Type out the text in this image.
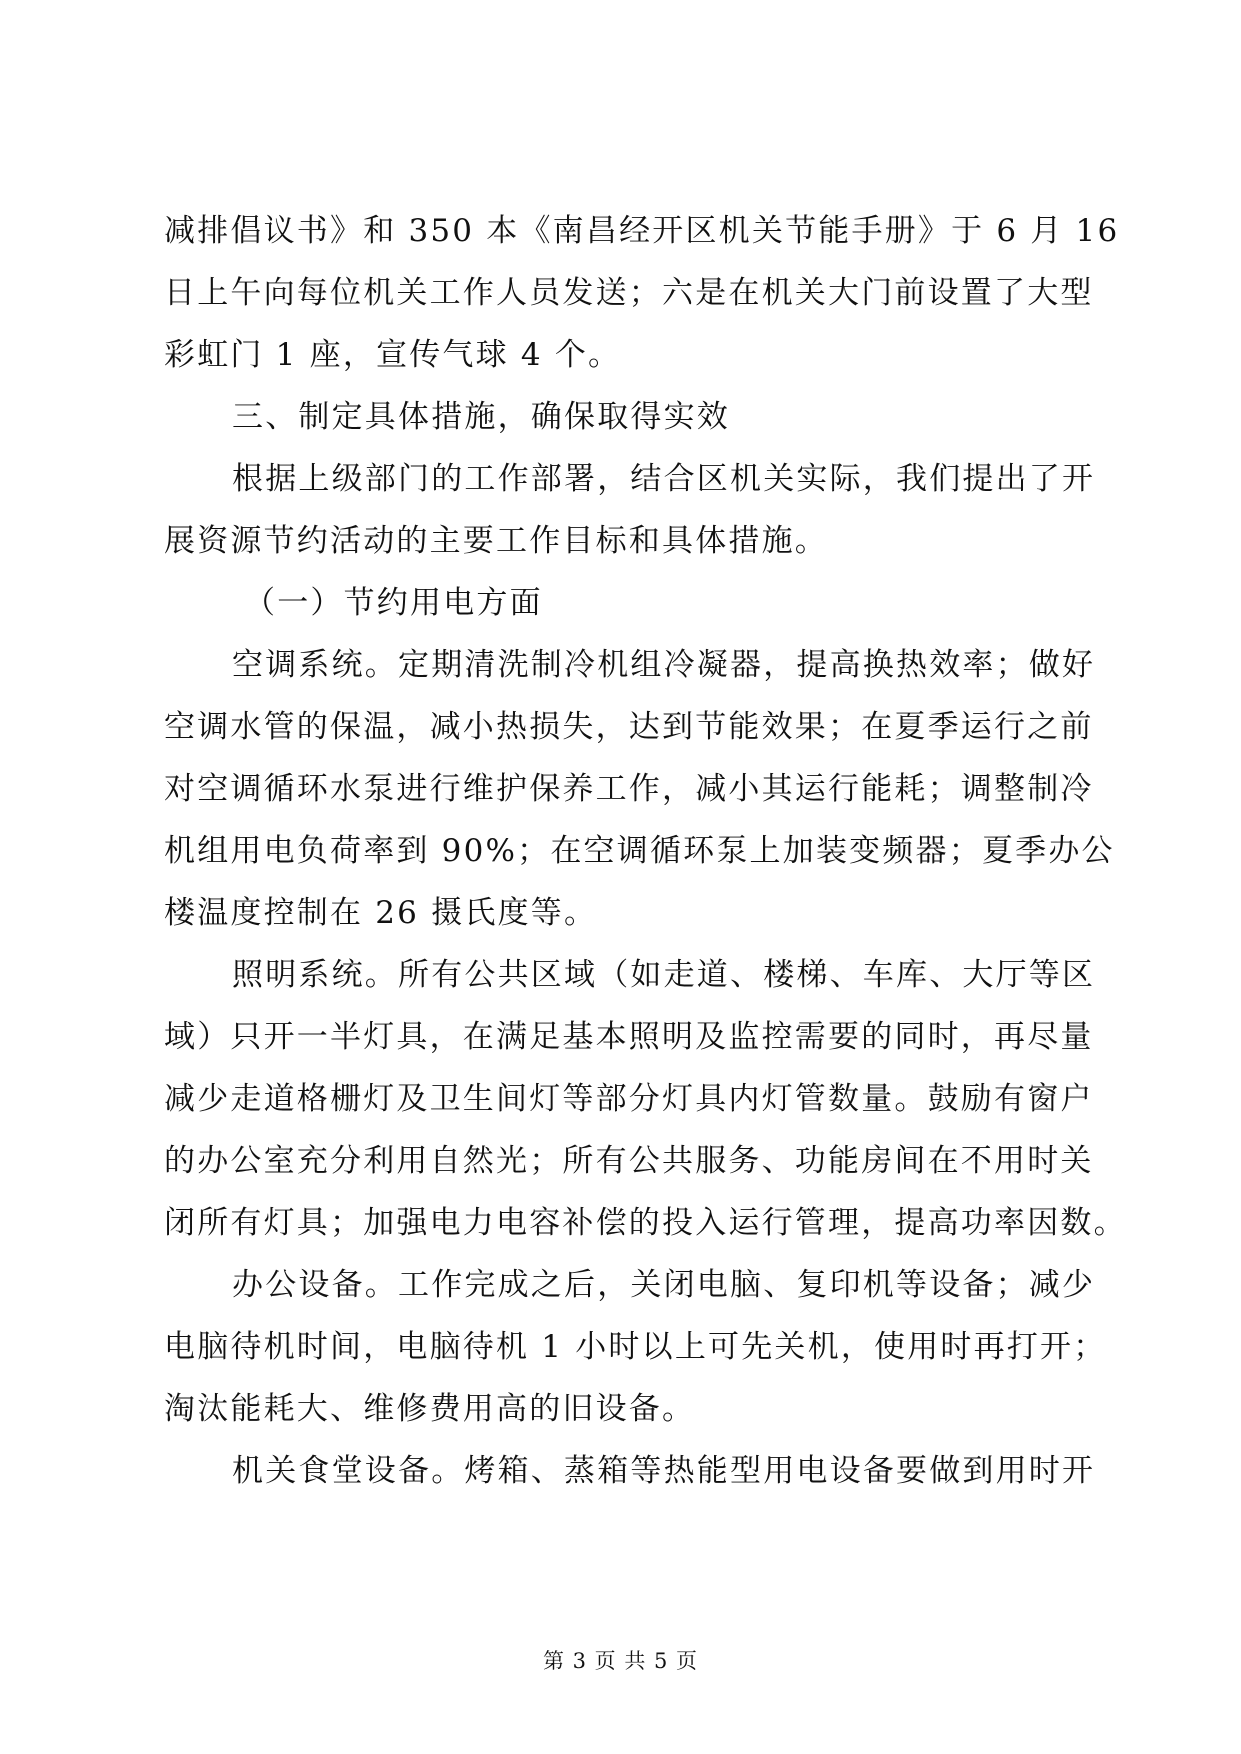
减排倡议书》和 350 本《南昌经开区机关节能手册》于 6 月 16
日上午向每位机关工作人员发送；六是在机关大门前设置了大型
彩虹门 1 座，宣传气球 4 个。
三、制定具体措施，确保取得实效
根据上级部门的工作部署，结合区机关实际，我们提出了开
展资源节约活动的主要工作目标和具体措施。
（一）节约用电方面
空调系统。定期清洗制冷机组冷凝器，提高换热效率；做好
空调水管的保温，减小热损失，达到节能效果；在夏季运行之前
对空调循环水泵进行维护保养工作，减小其运行能耗；调整制冷
机组用电负荷率到 90%；在空调循环泵上加装变频器；夏季办公
楼温度控制在 26 摄氏度等。
照明系统。所有公共区域（如走道、楼梯、车库、大厅等区
域）只开一半灯具，在满足基本照明及监控需要的同时，再尽量
减少走道格栅灯及卫生间灯等部分灯具内灯管数量。鼓励有窗户
的办公室充分利用自然光；所有公共服务、功能房间在不用时关
闭所有灯具；加强电力电容补偿的投入运行管理，提高功率因数。
办公设备。工作完成之后，关闭电脑、复印机等设备；减少
电脑待机时间，电脑待机 1 小时以上可先关机，使用时再打开；
淘汰能耗大、维修费用高的旧设备。
机关食堂设备。烤箱、蒸箱等热能型用电设备要做到用时开
第 3 页 共 5 页
